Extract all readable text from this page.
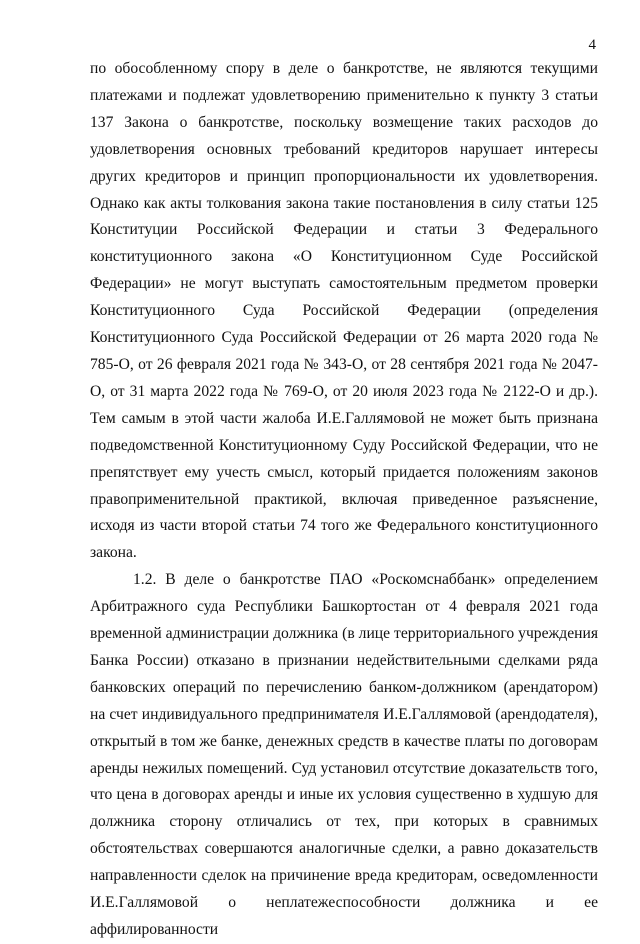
4

по обособленному спору в деле о банкротстве, не являются текущими платежами и подлежат удовлетворению применительно к пункту 3 статьи 137 Закона о банкротстве, поскольку возмещение таких расходов до удовлетворения основных требований кредиторов нарушает интересы других кредиторов и принцип пропорциональности их удовлетворения. Однако как акты толкования закона такие постановления в силу статьи 125 Конституции Российской Федерации и статьи 3 Федерального конституционного закона «О Конституционном Суде Российской Федерации» не могут выступать самостоятельным предметом проверки Конституционного Суда Российской Федерации (определения Конституционного Суда Российской Федерации от 26 марта 2020 года № 785-О, от 26 февраля 2021 года № 343-О, от 28 сентября 2021 года № 2047-О, от 31 марта 2022 года № 769-О, от 20 июля 2023 года № 2122-О и др.). Тем самым в этой части жалоба И.Е.Галлямовой не может быть признана подведомственной Конституционному Суду Российской Федерации, что не препятствует ему учесть смысл, который придается положениям законов правоприменительной практикой, включая приведенное разъяснение, исходя из части второй статьи 74 того же Федерального конституционного закона.

1.2. В деле о банкротстве ПАО «Роскомснаббанк» определением Арбитражного суда Республики Башкортостан от 4 февраля 2021 года временной администрации должника (в лице территориального учреждения Банка России) отказано в признании недействительными сделками ряда банковских операций по перечислению банком-должником (арендатором) на счет индивидуального предпринимателя И.Е.Галлямовой (арендодателя), открытый в том же банке, денежных средств в качестве платы по договорам аренды нежилых помещений. Суд установил отсутствие доказательств того, что цена в договорах аренды и иные их условия существенно в худшую для должника сторону отличались от тех, при которых в сравнимых обстоятельствах совершаются аналогичные сделки, а равно доказательств направленности сделок на причинение вреда кредиторам, осведомленности И.Е.Галлямовой о неплатежеспособности должника и ее аффилированности
